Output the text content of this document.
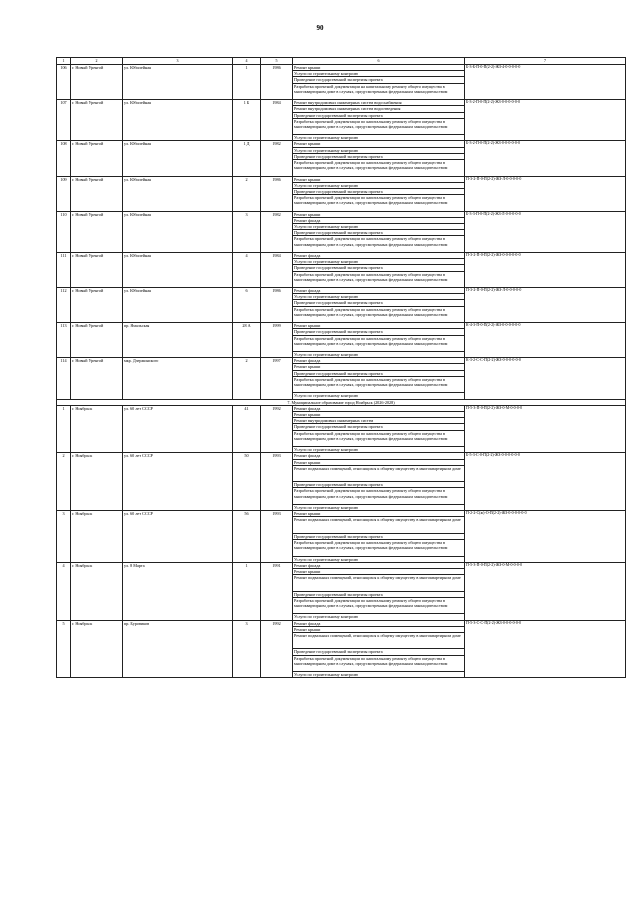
90
1	2	3	4	5	6	7
106	г. Новый Уренгой	ул. Юбилейная	1	1986	Ремонт крыши	Б-3-Б-П-0-П(2-2)-ЖЗ-4-0-0-0-0-0
					Услуги по строительному контролю	
					Проведение государственной экспертизы проекта	
					Разработка проектной документации на капитальному ремонту общего имущества в многоквартирном доме в случаях, предусмотренных федеральным законодательством	
107	г. Новый Уренгой	ул. Юбилейная	1 Б	1984	Ремонт внутридомовых инженерных систем водоснабжения	Б-3-2-П-0-П(2-2)-ЖЗ-0-0-0-0-0-0
					Ремонт внутридомовых инженерных систем водоотведения	
					Проведение государственной экспертизы проекта	
					Разработка проектной документации по капитальному ремонту общего имущества в многоквартирном доме в случаях, предусмотренных федеральным законодательством	
					Услуги по строительному контролю	
108	г. Новый Уренгой	ул. Юбилейная	1 Д	1982	Ремонт крыши	Б-3-2-П-0-П(2-2)-ЖЗ-0-0-0-0-0-0
					Услуги по строительному контролю	
					Проведение государственной экспертизы проекта	
					Разработка проектной документации по капитальному ремонту общего имущества в многоквартирном доме в случаях, предусмотренных федеральным законодательством	
109	г. Новый Уренгой	ул. Юбилейная	2	1986	Ремонт крыши	П-3-2-П-0-П(2-2)-ЖЗ-Л-0-0-0-0-0
					Услуги по строительному контролю	
					Проведение государственной экспертизы проекта	
					Разработка проектной документации по капитальному ремонту общего имущества в многоквартирном доме в случаях, предусмотренных федеральным законодательством	
110	г. Новый Уренгой	ул. Юбилейная	3	1982	Ремонт крыши	Б-3-3-П-0-П(2-2)-ЖЗ-Л-0-0-0-0-0
					Ремонт фасада	
					Услуги по строительному контролю	
					Проведение государственной экспертизы проекта	
					Разработка проектной документации по капитальному ремонту общего имущества в многоквартирном доме в случаях, предусмотренных федеральным законодательством	
111	г. Новый Уренгой	ул. Юбилейная	4	1984	Ремонт фасада	П-3-2-П-0-П(2-2)-ЖЗ-0-0-0-0-0-0
					Услуги по строительному контролю	
					Проведение государственной экспертизы проекта	
					Разработка проектной документации по капитальному ремонту общего имущества в многоквартирном доме в случаях, предусмотренных федеральным законодательством	
112	г. Новый Уренгой	ул. Юбилейная	6	1986	Ремонт фасада	П-3-2-П-0-П(2-2)-ЖЗ-Л-0-0-0-0-0
					Услуги по строительному контролю	
					Проведение государственной экспертизы проекта	
					Разработка проектной документации по капитальному ремонту общего имущества в многоквартирном доме в случаях, предусмотренных федеральным законодательством	
113	г. Новый Уренгой	пр. Ямальская	28 А	1999	Ремонт крыши	К-4-3-П-0-П(2-2)-ЖЗ-0-0-0-0-0-0
					Проведение государственной экспертизы проекта	
					Разработка проектной документации по капитальному ремонту общего имущества в многоквартирном доме в случаях, предусмотренных федеральным законодательством	
					Услуги по строительному контролю	
114	г. Новый Уренгой	мкр. Дзержинского	2	1997	Ремонт фасада	К-3-2-С-С-П(2-2)-ЖЗ-0-0-0-0-0-0
					Ремонт крыши	
					Проведение государственной экспертизы проекта	
					Разработка проектной документации по капитальному ремонту общего имущества в многоквартирном доме в случаях, предусмотренных федеральным законодательством	
					Услуги по строительному контролю	
7. Муниципальное образование город Ноябрьск (2026-2028)						
1	г. Ноябрьск	ул. 60 лет СССР	41	1992	Ремонт фасада	П-5-3-П-0-П(2-2)-ЖЗ-0-М-0-0-0-0
					Ремонт крыши	
					Ремонт внутридомовых инженерных систем	
					Проведение государственной экспертизы проекта	
					Разработка проектной документации по капитальному ремонту общего имущества в многоквартирном доме в случаях, предусмотренных федеральным законодательством	
					Услуги по строительному контролю	
2	г. Ноябрьск	ул. 60 лет СССР	50	1993	Ремонт фасада	Б-5-3-С-0-П(2-2)-ЖЗ-0-0-0-0-0-0
					Ремонт крыши	
					Ремонт подвальных помещений, относящихся к общему имуществу в многоквартирном доме	
					Проведение государственной экспертизы проекта	
					Разработка проектной документации по капитальному ремонту общего имущества в многоквартирном доме в случаях, предусмотренных федеральным законодательством	
					Услуги по строительному контролю	
3	г. Ноябрьск	ул. 60 лет СССР	56	1993	Ремонт крыши	П-2-2-С(ж)-О-П(2-2)-ЖЗ-0-0-0-0-0-0
					Ремонт подвальных помещений, относящихся к общему имуществу в многоквартирном доме	
					Проведение государственной экспертизы проекта	
					Разработка проектной документации по капитальному ремонту общего имущества в многоквартирном доме в случаях, предусмотренных федеральным законодательством	
					Услуги по строительному контролю	
4	г. Ноябрьск	ул. 8 Марта	1	1991	Ремонт фасада	П-5-3-П-0-П(2-2)-ЖЗ-0-М-0-0-0-0
					Ремонт крыши	
					Ремонт подвальных помещений, относящихся к общему имуществу в многоквартирном доме	
					Проведение государственной экспертизы проекта	
					Разработка проектной документации по капитальному ремонту общего имущества в многоквартирном доме в случаях, предусмотренных федеральным законодательством	
					Услуги по строительному контролю	
5	г. Ноябрьск	пр. Буровиков	3	1992	Ремонт фасада	П-5-3-С-С-П(2-2)-ЖЗ-0-0-0-0-0-0
					Ремонт крыши	
					Ремонт подвальных помещений, относящихся к общему имуществу в многоквартирном доме	
					Проведение государственной экспертизы проекта	
					Разработка проектной документации по капитальному ремонту общего имущества в многоквартирном доме в случаях, предусмотренных федеральным законодательством	
					Услуги по строительному контролю	
